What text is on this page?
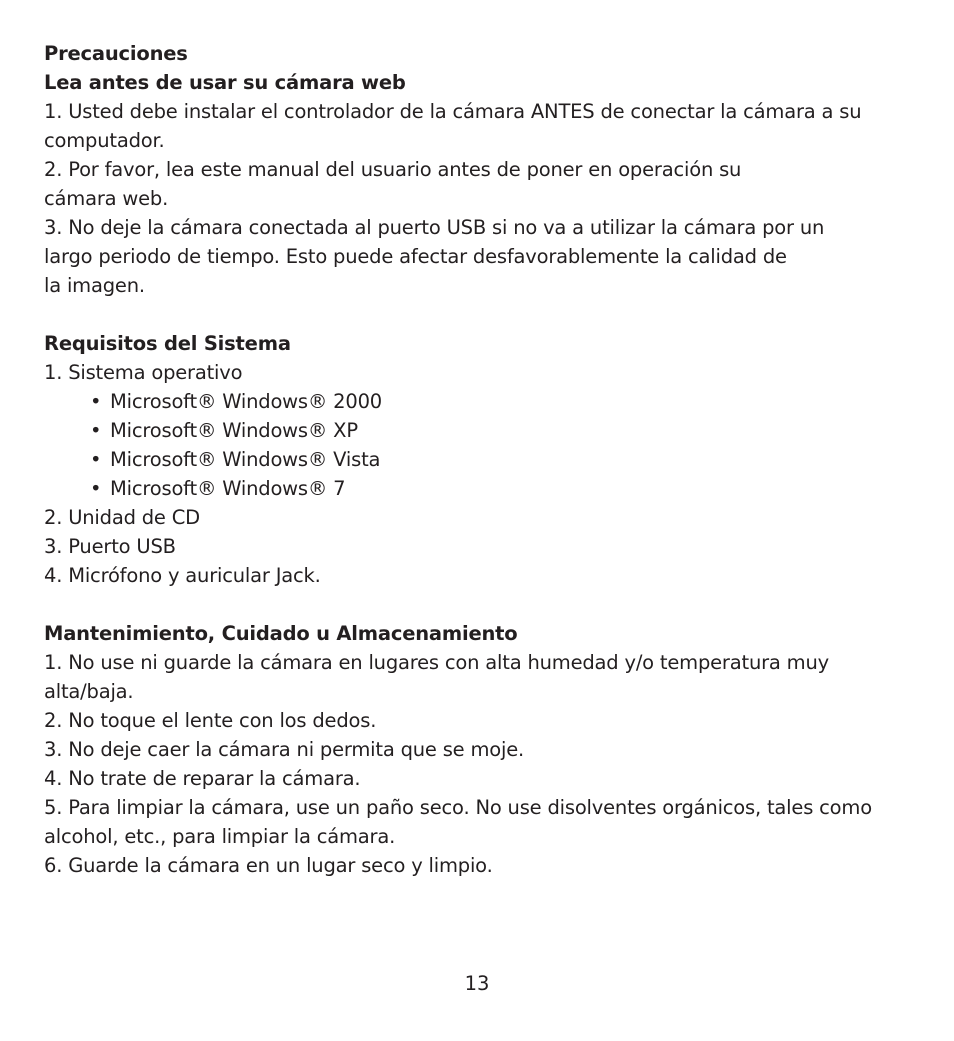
Precauciones

Lea antes de usar su cámara web

1. Usted debe instalar el controlador de la cámara ANTES de conectar la cámara a su computador.

2. Por favor, lea este manual del usuario antes de poner en operación su
cámara web.

3. No deje la cámara conectada al puerto USB si no va a utilizar la cámara por un
largo periodo de tiempo. Esto puede afectar desfavorablemente la calidad de
la imagen.

Requisitos del Sistema

1. Sistema operativo

• Microsoft® Windows® 2000
• Microsoft® Windows® XP
• Microsoft® Windows® Vista
• Microsoft® Windows® 7

2. Unidad de CD

3. Puerto USB

4. Micrófono y auricular Jack.

Mantenimiento, Cuidado u Almacenamiento

1. No use ni guarde la cámara en lugares con alta humedad y/o temperatura muy alta/baja.

2. No toque el lente con los dedos.

3. No deje caer la cámara ni permita que se moje.

4. No trate de reparar la cámara.

5. Para limpiar la cámara, use un paño seco. No use disolventes orgánicos, tales como alcohol, etc., para limpiar la cámara.

6. Guarde la cámara en un lugar seco y limpio.

13
